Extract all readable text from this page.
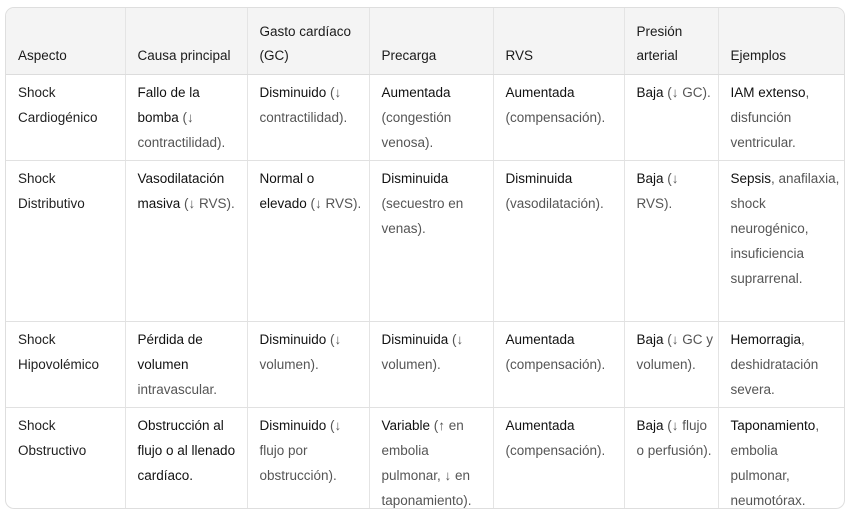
Aspecto	Causa principal	Gasto cardíaco (GC)	Precarga	RVS	Presión arterial	Ejemplos
Shock Cardiogénico	Fallo de la bomba (↓ contractilidad).	Disminuido (↓ contractilidad).	Aumentada (congestión venosa).	Aumentada (compensación).	Baja (↓ GC).	IAM extenso, disfunción ventricular.
Shock Distributivo	Vasodilatación masiva (↓ RVS).	Normal o elevado (↓ RVS).	Disminuida (secuestro en venas).	Disminuida (vasodilatación).	Baja (↓ RVS).	Sepsis, anafilaxia, shock neurogénico, insuficiencia suprarrenal.
Shock Hipovolémico	Pérdida de volumen intravascular.	Disminuido (↓ volumen).	Disminuida (↓ volumen).	Aumentada (compensación).	Baja (↓ GC y volumen).	Hemorragia, deshidratación severa.
Shock Obstructivo	Obstrucción al flujo o al llenado cardíaco.	Disminuido (↓ flujo por obstrucción).	Variable (↑ en embolia pulmonar, ↓ en taponamiento).	Aumentada (compensación).	Baja (↓ flujo o perfusión).	Taponamiento, embolia pulmonar, neumotórax.
